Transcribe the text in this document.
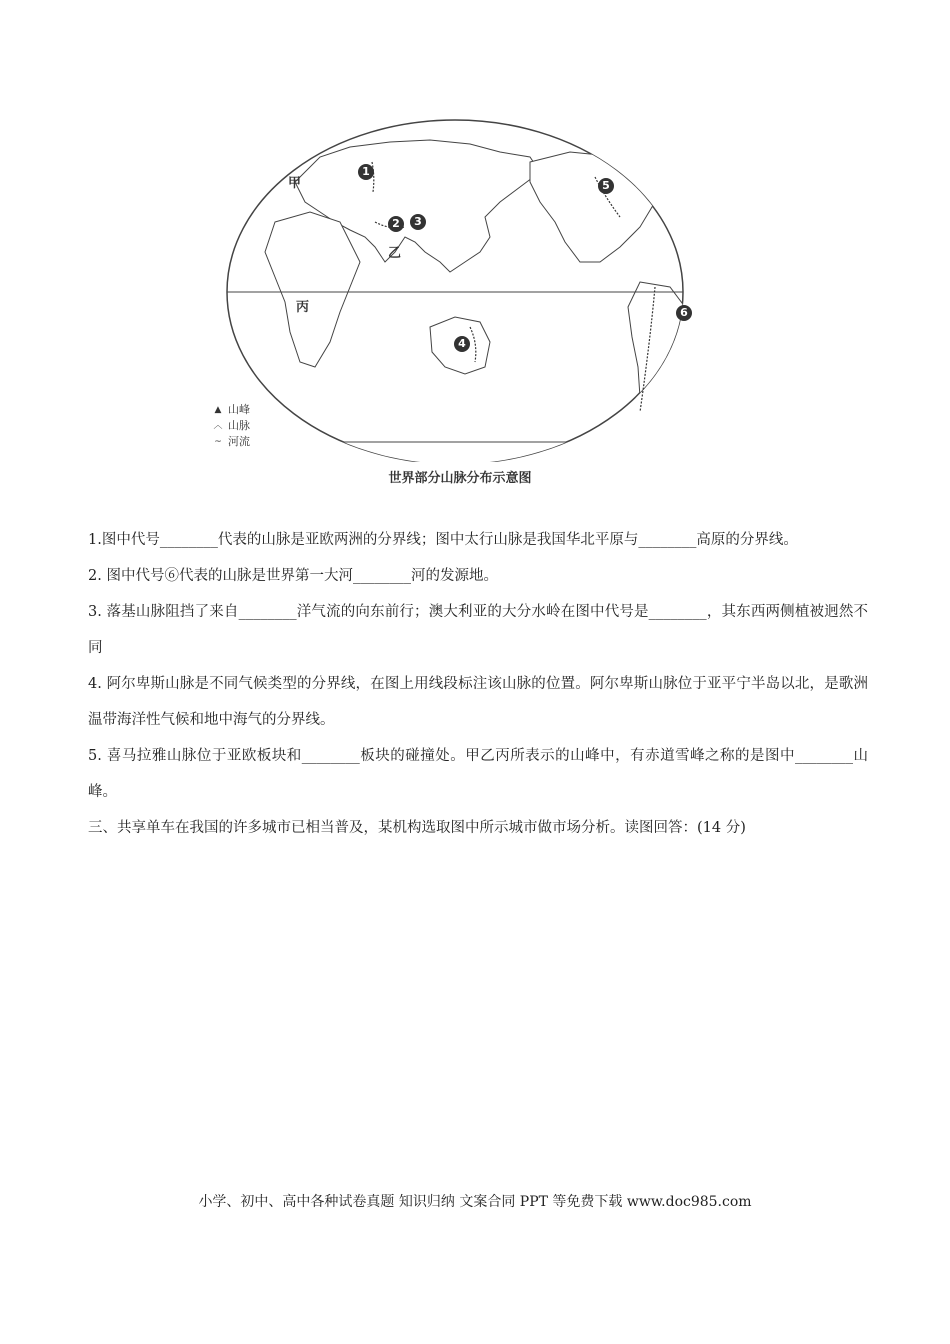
1
2	3
4
5
6
甲
乙
丙
▲ 山峰
︿ 山脉
~ 河流
世界部分山脉分布示意图

1.图中代号________代表的山脉是亚欧两洲的分界线；图中太行山脉是我国华北平原与________高原的分界线。

2. 图中代号⑥代表的山脉是世界第一大河________河的发源地。

3. 落基山脉阻挡了来自________洋气流的向东前行；澳大利亚的大分水岭在图中代号是________，其东西两侧植被迥然不同

4. 阿尔卑斯山脉是不同气候类型的分界线，在图上用线段标注该山脉的位置。阿尔卑斯山脉位于亚平宁半岛以北，是歌洲温带海洋性气候和地中海气的分界线。

5. 喜马拉雅山脉位于亚欧板块和________板块的碰撞处。甲乙丙所表示的山峰中，有赤道雪峰之称的是图中________山峰。

三、共享单车在我国的许多城市已相当普及，某机构选取图中所示城市做市场分析。读图回答：(14 分)

小学、初中、高中各种试卷真题 知识归纳 文案合同 PPT 等免费下载 www.doc985.com
